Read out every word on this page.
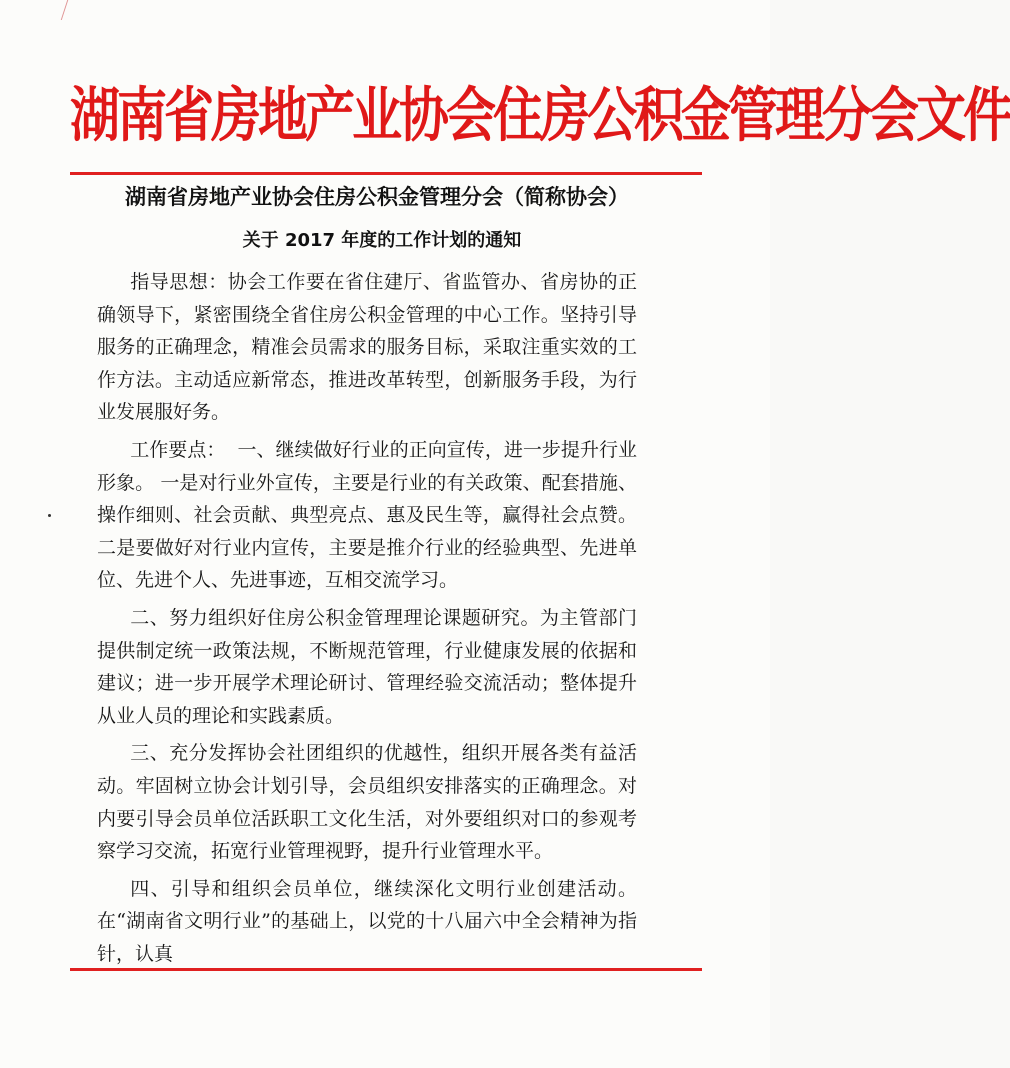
湖南省房地产业协会住房公积金管理分会文件
湖南省房地产业协会住房公积金管理分会（简称协会）
关于 2017 年度的工作计划的通知

指导思想：协会工作要在省住建厅、省监管办、省房协的正确领导下，紧密围绕全省住房公积金管理的中心工作。坚持引导服务的正确理念，精准会员需求的服务目标，采取注重实效的工作方法。主动适应新常态，推进改革转型，创新服务手段，为行业发展服好务。

工作要点：  一、继续做好行业的正向宣传，进一步提升行业形象。 一是对行业外宣传，主要是行业的有关政策、配套措施、操作细则、社会贡献、典型亮点、惠及民生等，赢得社会点赞。二是要做好对行业内宣传，主要是推介行业的经验典型、先进单位、先进个人、先进事迹，互相交流学习。

二、努力组织好住房公积金管理理论课题研究。为主管部门提供制定统一政策法规，不断规范管理，行业健康发展的依据和建议；进一步开展学术理论研讨、管理经验交流活动；整体提升从业人员的理论和实践素质。

三、充分发挥协会社团组织的优越性，组织开展各类有益活动。牢固树立协会计划引导，会员组织安排落实的正确理念。对内要引导会员单位活跃职工文化生活，对外要组织对口的参观考察学习交流，拓宽行业管理视野，提升行业管理水平。

四、引导和组织会员单位，继续深化文明行业创建活动。在“湖南省文明行业”的基础上，以党的十八届六中全会精神为指针，认真
